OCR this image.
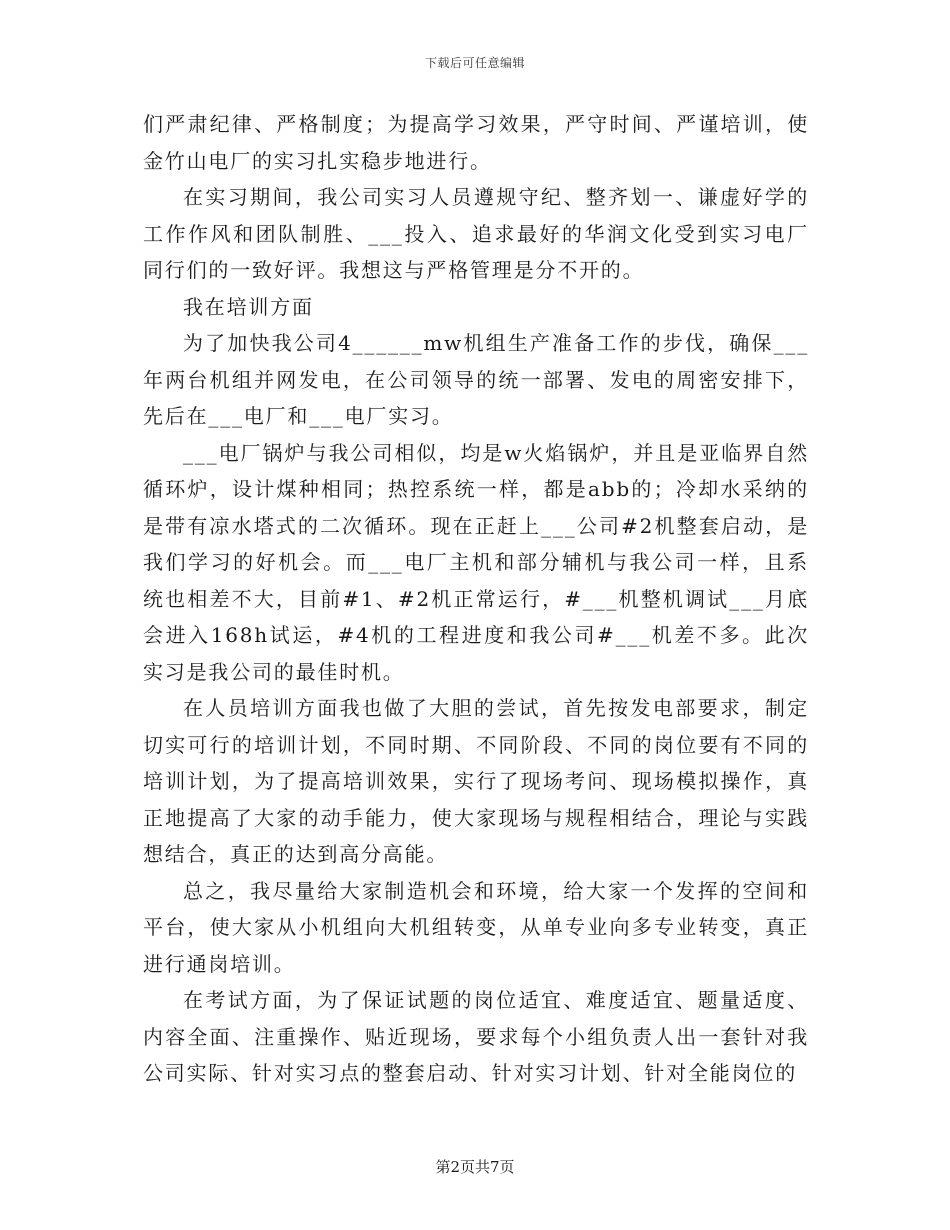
下载后可任意编辑

们严肃纪律、严格制度；为提高学习效果，严守时间、严谨培训，使金竹山电厂的实习扎实稳步地进行。

在实习期间，我公司实习人员遵规守纪、整齐划一、谦虚好学的工作作风和团队制胜、___投入、追求最好的华润文化受到实习电厂同行们的一致好评。我想这与严格管理是分不开的。

我在培训方面

为了加快我公司4______mw机组生产准备工作的步伐，确保___年两台机组并网发电，在公司领导的统一部署、发电的周密安排下，先后在___电厂和___电厂实习。

___电厂锅炉与我公司相似，均是w火焰锅炉，并且是亚临界自然循环炉，设计煤种相同；热控系统一样，都是abb的；冷却水采纳的是带有凉水塔式的二次循环。现在正赶上___公司#2机整套启动，是我们学习的好机会。而___电厂主机和部分辅机与我公司一样，且系统也相差不大，目前#1、#2机正常运行，#___机整机调试___月底会进入168h试运，#4机的工程进度和我公司#___机差不多。此次实习是我公司的最佳时机。

在人员培训方面我也做了大胆的尝试，首先按发电部要求，制定切实可行的培训计划，不同时期、不同阶段、不同的岗位要有不同的培训计划，为了提高培训效果，实行了现场考问、现场模拟操作，真正地提高了大家的动手能力，使大家现场与规程相结合，理论与实践想结合，真正的达到高分高能。

总之，我尽量给大家制造机会和环境，给大家一个发挥的空间和平台，使大家从小机组向大机组转变，从单专业向多专业转变，真正进行通岗培训。

在考试方面，为了保证试题的岗位适宜、难度适宜、题量适度、内容全面、注重操作、贴近现场，要求每个小组负责人出一套针对我公司实际、针对实习点的整套启动、针对实习计划、针对全能岗位的

第2页共7页
